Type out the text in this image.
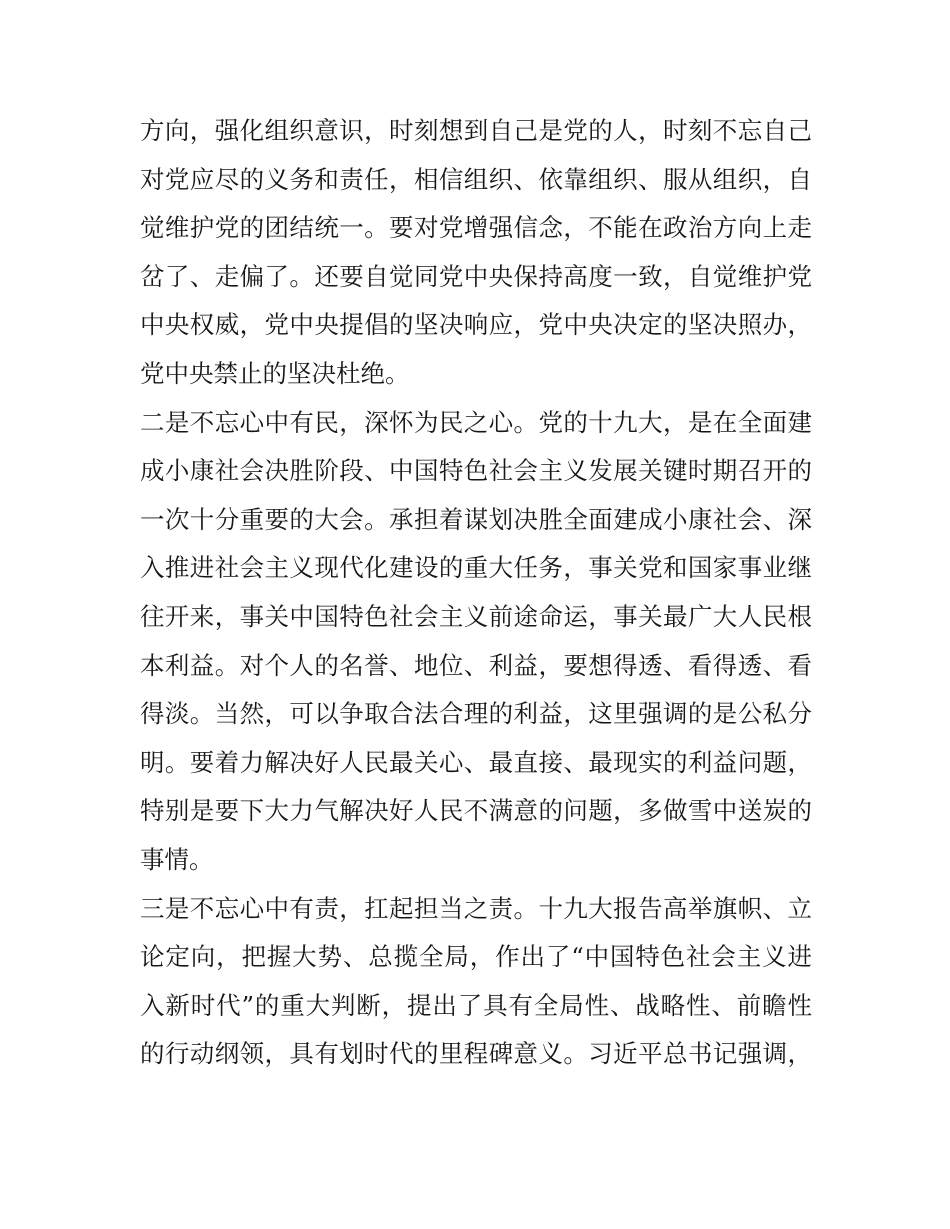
方向，强化组织意识，时刻想到自己是党的人，时刻不忘自己
对党应尽的义务和责任，相信组织、依靠组织、服从组织，自
觉维护党的团结统一。要对党增强信念，不能在政治方向上走
岔了、走偏了。还要自觉同党中央保持高度一致，自觉维护党
中央权威，党中央提倡的坚决响应，党中央决定的坚决照办，
党中央禁止的坚决杜绝。
二是不忘心中有民，深怀为民之心。党的十九大，是在全面建
成小康社会决胜阶段、中国特色社会主义发展关键时期召开的
一次十分重要的大会。承担着谋划决胜全面建成小康社会、深
入推进社会主义现代化建设的重大任务，事关党和国家事业继
往开来，事关中国特色社会主义前途命运，事关最广大人民根
本利益。对个人的名誉、地位、利益，要想得透、看得透、看
得淡。当然，可以争取合法合理的利益，这里强调的是公私分
明。要着力解决好人民最关心、最直接、最现实的利益问题，
特别是要下大力气解决好人民不满意的问题，多做雪中送炭的
事情。
三是不忘心中有责，扛起担当之责。十九大报告高举旗帜、立
论定向，把握大势、总揽全局，作出了“中国特色社会主义进
入新时代”的重大判断，提出了具有全局性、战略性、前瞻性
的行动纲领，具有划时代的里程碑意义。习近平总书记强调，
